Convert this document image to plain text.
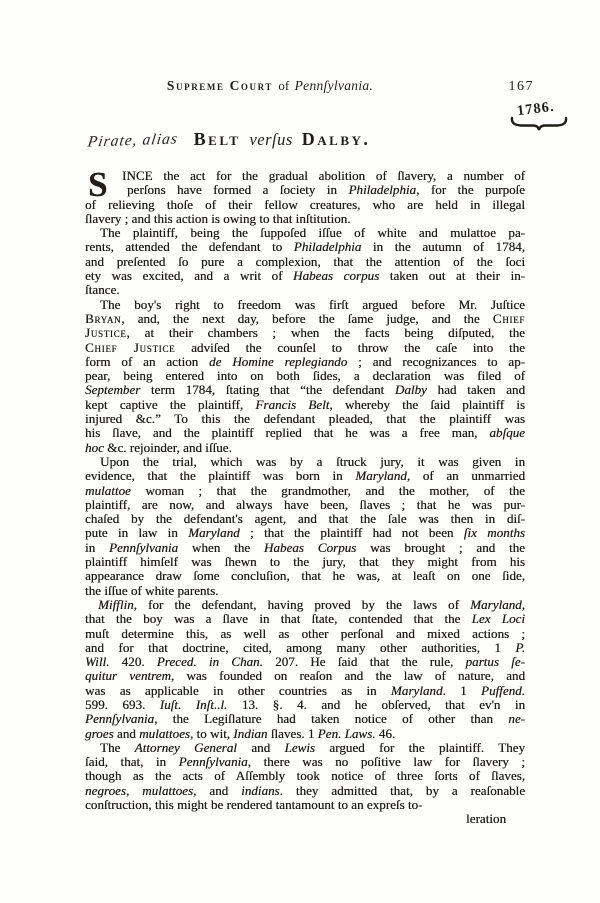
Supreme Court of Pennſylvania.	167
1786.
Pirate, alias Belt verſus Dalby.
S	INCE the act for the gradual abolition of ſlavery, a number of
perſons have formed a ſociety in Philadelphia, for the purpoſe
of relieving thoſe of their fellow creatures, who are held in illegal
ſlavery ; and this action is owing to that inſtitution.
The plaintiff, being the ſuppoſed iſſue of white and mulattoe pa-
rents, attended the defendant to Philadelphia in the autumn of 1784,
and preſented ſo pure a complexion, that the attention of the ſoci
ety was excited, and a writ of Habeas corpus taken out at their in-
ſtance.
The boy's right to freedom was firſt argued before Mr. Juſtice
Bryan, and, the next day, before the ſame judge, and the Chief
Justice, at their chambers ; when the facts being diſputed, the
Chief Justice adviſed the counſel to throw the caſe into the
form of an action de Homine replegiando ; and recognizances to ap-
pear, being entered into on both ſides, a declaration was filed of
September term 1784, ſtating that “the defendant Dalby had taken and
kept captive the plaintiff, Francis Belt, whereby the ſaid plaintiff is
injured &c.” To this the defendant pleaded, that the plaintiff was
his ſlave, and the plaintiff replied that he was a free man, abſque
hoc &c. rejoinder, and iſſue.
Upon the trial, which was by a ſtruck jury, it was given in
evidence, that the plaintiff was born in Maryland, of an unmarried
mulattoe woman ; that the grandmother, and the mother, of the
plaintiff, are now, and always have been, ſlaves ; that he was pur-
chaſed by the defendant's agent, and that the ſale was then in diſ-
pute in law in Maryland ; that the plaintiff had not been ſix months
in Pennſylvania when the Habeas Corpus was brought ; and the
plaintiff himſelf was ſhewn to the jury, that they might from his
appearance draw ſome concluſion, that he was, at leaſt on one ſide,
the iſſue of white parents.
Mifflin, for the defendant, having proved by the laws of Maryland,
that the boy was a ſlave in that ſtate, contended that the Lex Loci
muſt determine this, as well as other perſonal and mixed actions ;
and for that doctrine, cited, among many other authorities, 1 P.
Will. 420. Preced. in Chan. 207. He ſaid that the rule, partus ſe-
quitur ventrem, was founded on reaſon and the law of nature, and
was as applicable in other countries as in Maryland. 1 Puffend.
599. 693. Iuſt. Inſt..l. 13. §. 4. and he obſerved, that ev'n in
Pennſylvania, the Legiſlature had taken notice of other than ne-
groes and mulattoes, to wit, Indian ſlaves. 1 Pen. Laws. 46.
The Attorney General and Lewis argued for the plaintiff. They
ſaid, that, in Pennſylvania, there was no poſitive law for ſlavery ;
though as the acts of Aſſembly took notice of three ſorts of ſlaves,
negroes, mulattoes, and indians. they admitted that, by a reaſonable
conſtruction, this might be rendered tantamount to an expreſs to-
leration
